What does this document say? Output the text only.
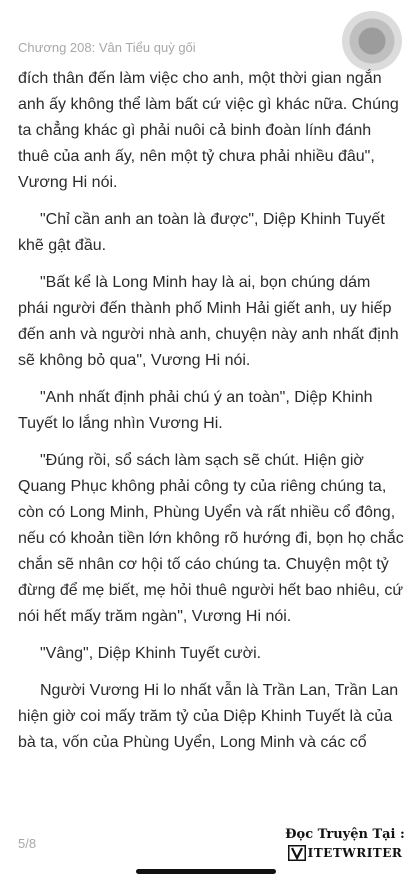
Chương 208: Vân Tiểu quỳ gối
đích thân đến làm việc cho anh, một thời gian ngắn
anh ấy không thể làm bất cứ việc gì khác nữa. Chúng
ta chẳng khác gì phải nuôi cả binh đoàn lính đánh
thuê của anh ấy, nên một tỷ chưa phải nhiều đâu",
Vương Hi nói.
"Chỉ cần anh an toàn là được", Diệp Khinh Tuyết
khẽ gật đầu.
"Bất kể là Long Minh hay là ai, bọn chúng dám
phái người đến thành phố Minh Hải giết anh, uy hiếp
đến anh và người nhà anh, chuyện này anh nhất định
sẽ không bỏ qua", Vương Hi nói.
"Anh nhất định phải chú ý an toàn", Diệp Khinh
Tuyết lo lắng nhìn Vương Hi.
"Đúng rồi, sổ sách làm sạch sẽ chút. Hiện giờ
Quang Phục không phải công ty của riêng chúng ta,
còn có Long Minh, Phùng Uyển và rất nhiều cổ đông,
nếu có khoản tiền lớn không rõ hướng đi, bọn họ chắc
chắn sẽ nhân cơ hội tố cáo chúng ta. Chuyện một tỷ
đừng để mẹ biết, mẹ hỏi thuê người hết bao nhiêu, cứ
nói hết mấy trăm ngàn", Vương Hi nói.
"Vâng", Diệp Khinh Tuyết cười.
Người Vương Hi lo nhất vẫn là Trần Lan, Trần Lan
hiện giờ coi mấy trăm tỷ của Diệp Khinh Tuyết là của
bà ta, vốn của Phùng Uyển, Long Minh và các cổ
5/8
Đọc Truyện Tại :
ITETWRITER
